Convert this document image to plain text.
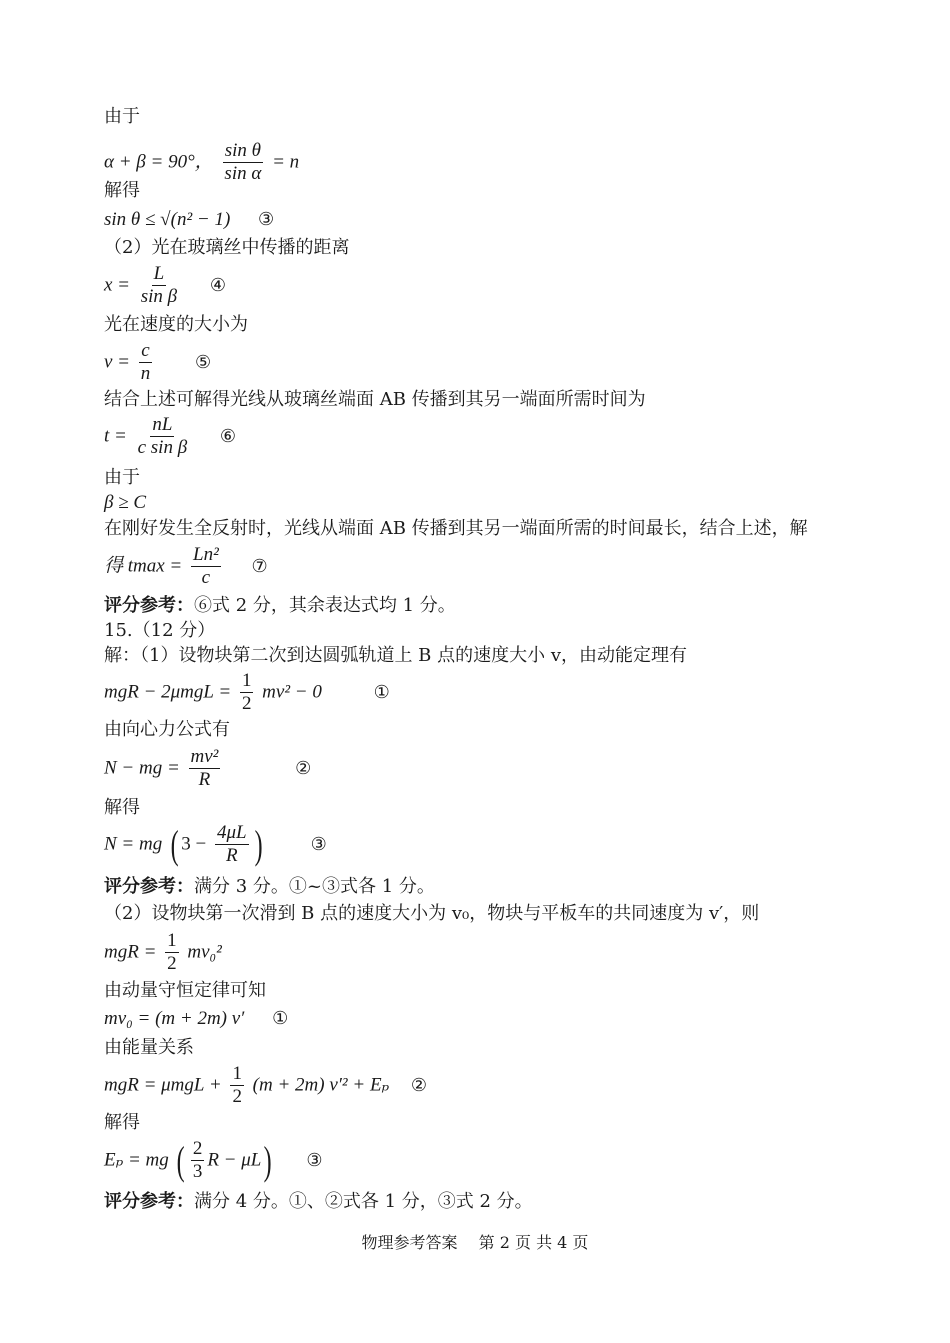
由于
α + β = 90°， $\frac{\text{sin θ}}{\text{sin α}} = n$
解得
sin θ ≤ √(n² − 1) ③
（2）光在玻璃丝中传播的距离
$x = \frac{L}{\text{sin β}}$ ④
光在速度的大小为
$v = \frac{c}{n}$ ⑤
结合上述可解得光线从玻璃丝端面 AB 传播到其另一端面所需时间为
$t = \frac{nL}{\text{c sin β}}$ ⑥
由于
β ≥ C
在刚好发生全反射时，光线从端面 AB 传播到其另一端面所需的时间最长，结合上述，解
得 $tmax = \frac{\text{Ln²}}{c}$ ⑦
评分参考：⑥式 2 分，其余表达式均 1 分。
15.（12 分）
解：（1）设物块第二次到达圆弧轨道上 B 点的速度大小 v，由动能定理有
mgR − $2\mu mgL = \frac{1}{2} mv^2 - 0$	①
由向心力公式有
N − mg = $\frac{\text{mv²}}{R}$	②
解得
N = mg ( $3 - \frac{4\mu L}{R}$ )	③
评分参考：满分 3 分。①~③式各 1 分。
（2）设物块第一次滑到 B 点的速度大小为 v₀，物块与平板车的共同速度为 v′，则
mgR = $\frac{1}{2} mv_0^2$
由动量守恒定律可知
mv₀ = (m + 2m) v′ ①
由能量关系
mgR = $\mu mgL + \frac{1}{2} (m + 2m) v'^2 + E_p$ ②
解得
Eₚ = mg ( $\frac{2}{3}$ R − μL) ③
评分参考：满分 4 分。①、②式各 1 分，③式 2 分。
物理参考答案　 第 2 页 共 4 页
